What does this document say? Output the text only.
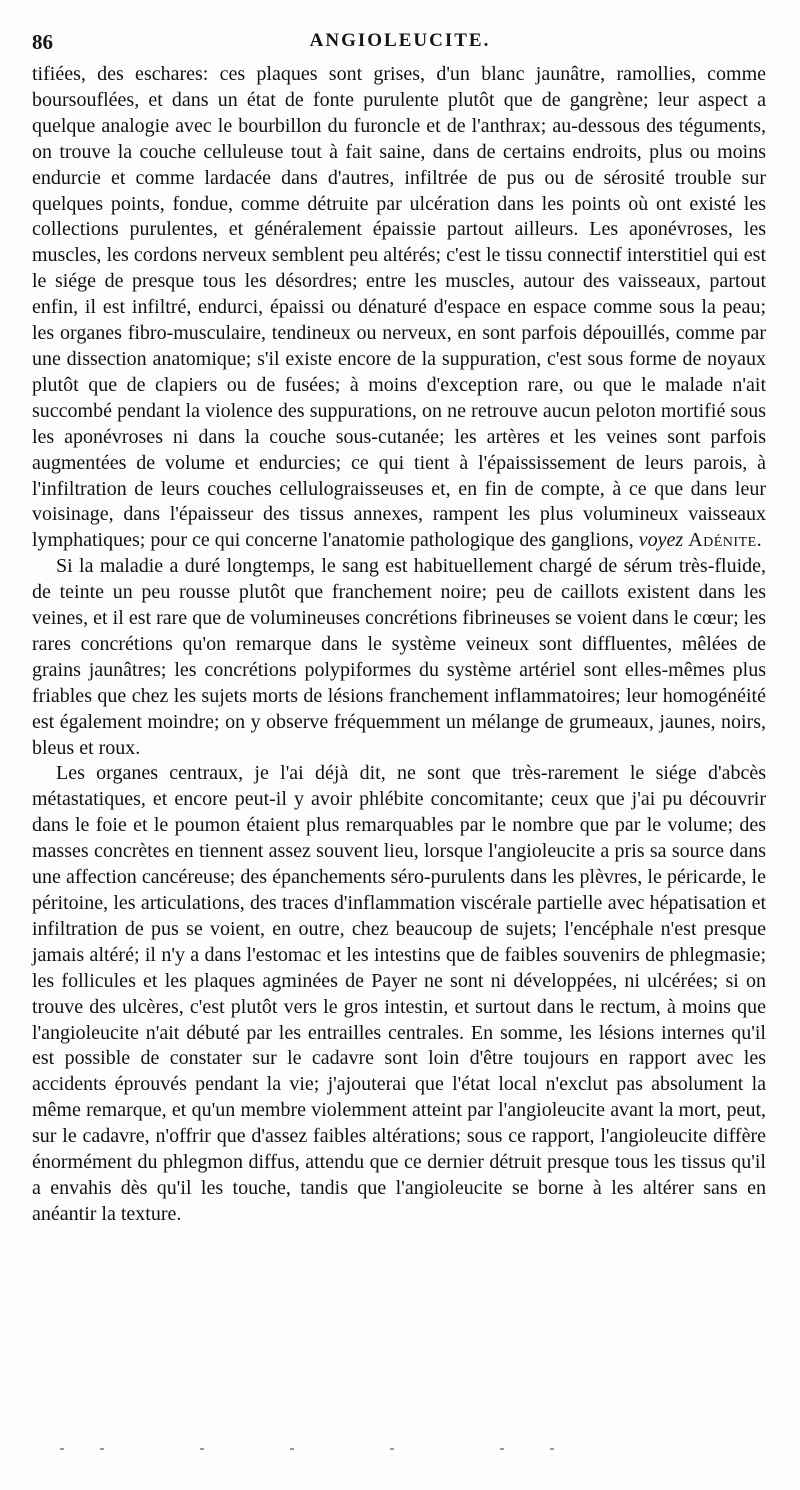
86	ANGIOLEUCITE.

tifiées, des eschares: ces plaques sont grises, d'un blanc jaunâtre, ramollies, comme boursouflées, et dans un état de fonte purulente plutôt que de gangrène; leur aspect a quelque analogie avec le bourbillon du furoncle et de l'anthrax; au-dessous des téguments, on trouve la couche celluleuse tout à fait saine, dans de certains endroits, plus ou moins endurcie et comme lardacée dans d'autres, infiltrée de pus ou de sérosité trouble sur quelques points, fondue, comme détruite par ulcération dans les points où ont existé les collections purulentes, et généralement épaissie partout ailleurs. Les aponévroses, les muscles, les cordons nerveux semblent peu altérés; c'est le tissu connectif interstitiel qui est le siége de presque tous les désordres; entre les muscles, autour des vaisseaux, partout enfin, il est infiltré, endurci, épaissi ou dénaturé d'espace en espace comme sous la peau; les organes fibro-musculaire, tendineux ou nerveux, en sont parfois dépouillés, comme par une dissection anatomique; s'il existe encore de la suppuration, c'est sous forme de noyaux plutôt que de clapiers ou de fusées; à moins d'exception rare, ou que le malade n'ait succombé pendant la violence des suppurations, on ne retrouve aucun peloton mortifié sous les aponévroses ni dans la couche sous-cutanée; les artères et les veines sont parfois augmentées de volume et endurcies; ce qui tient à l'épaississement de leurs parois, à l'infiltration de leurs couches cellulograisseuses et, en fin de compte, à ce que dans leur voisinage, dans l'épaisseur des tissus annexes, rampent les plus volumineux vaisseaux lymphatiques; pour ce qui concerne l'anatomie pathologique des ganglions, voyez Adénite.

Si la maladie a duré longtemps, le sang est habituellement chargé de sérum très-fluide, de teinte un peu rousse plutôt que franchement noire; peu de caillots existent dans les veines, et il est rare que de volumineuses concrétions fibrineuses se voient dans le cœur; les rares concrétions qu'on remarque dans le système veineux sont diffluentes, mêlées de grains jaunâtres; les concrétions polypiformes du système artériel sont elles-mêmes plus friables que chez les sujets morts de lésions franchement inflammatoires; leur homogénéité est également moindre; on y observe fréquemment un mélange de grumeaux, jaunes, noirs, bleus et roux.

Les organes centraux, je l'ai déjà dit, ne sont que très-rarement le siége d'abcès métastatiques, et encore peut-il y avoir phlébite concomitante; ceux que j'ai pu découvrir dans le foie et le poumon étaient plus remarquables par le nombre que par le volume; des masses concrètes en tiennent assez souvent lieu, lorsque l'angioleucite a pris sa source dans une affection cancéreuse; des épanchements séro-purulents dans les plèvres, le péricarde, le péritoine, les articulations, des traces d'inflammation viscérale partielle avec hépatisation et infiltration de pus se voient, en outre, chez beaucoup de sujets; l'encéphale n'est presque jamais altéré; il n'y a dans l'estomac et les intestins que de faibles souvenirs de phlegmasie; les follicules et les plaques agminées de Payer ne sont ni développées, ni ulcérées; si on trouve des ulcères, c'est plutôt vers le gros intestin, et surtout dans le rectum, à moins que l'angioleucite n'ait débuté par les entrailles centrales. En somme, les lésions internes qu'il est possible de constater sur le cadavre sont loin d'être toujours en rapport avec les accidents éprouvés pendant la vie; j'ajouterai que l'état local n'exclut pas absolument la même remarque, et qu'un membre violemment atteint par l'angioleucite avant la mort, peut, sur le cadavre, n'offrir que d'assez faibles altérations; sous ce rapport, l'angioleucite diffère énormément du phlegmon diffus, attendu que ce dernier détruit presque tous les tissus qu'il a envahis dès qu'il les touche, tandis que l'angioleucite se borne à les altérer sans en anéantir la texture.
